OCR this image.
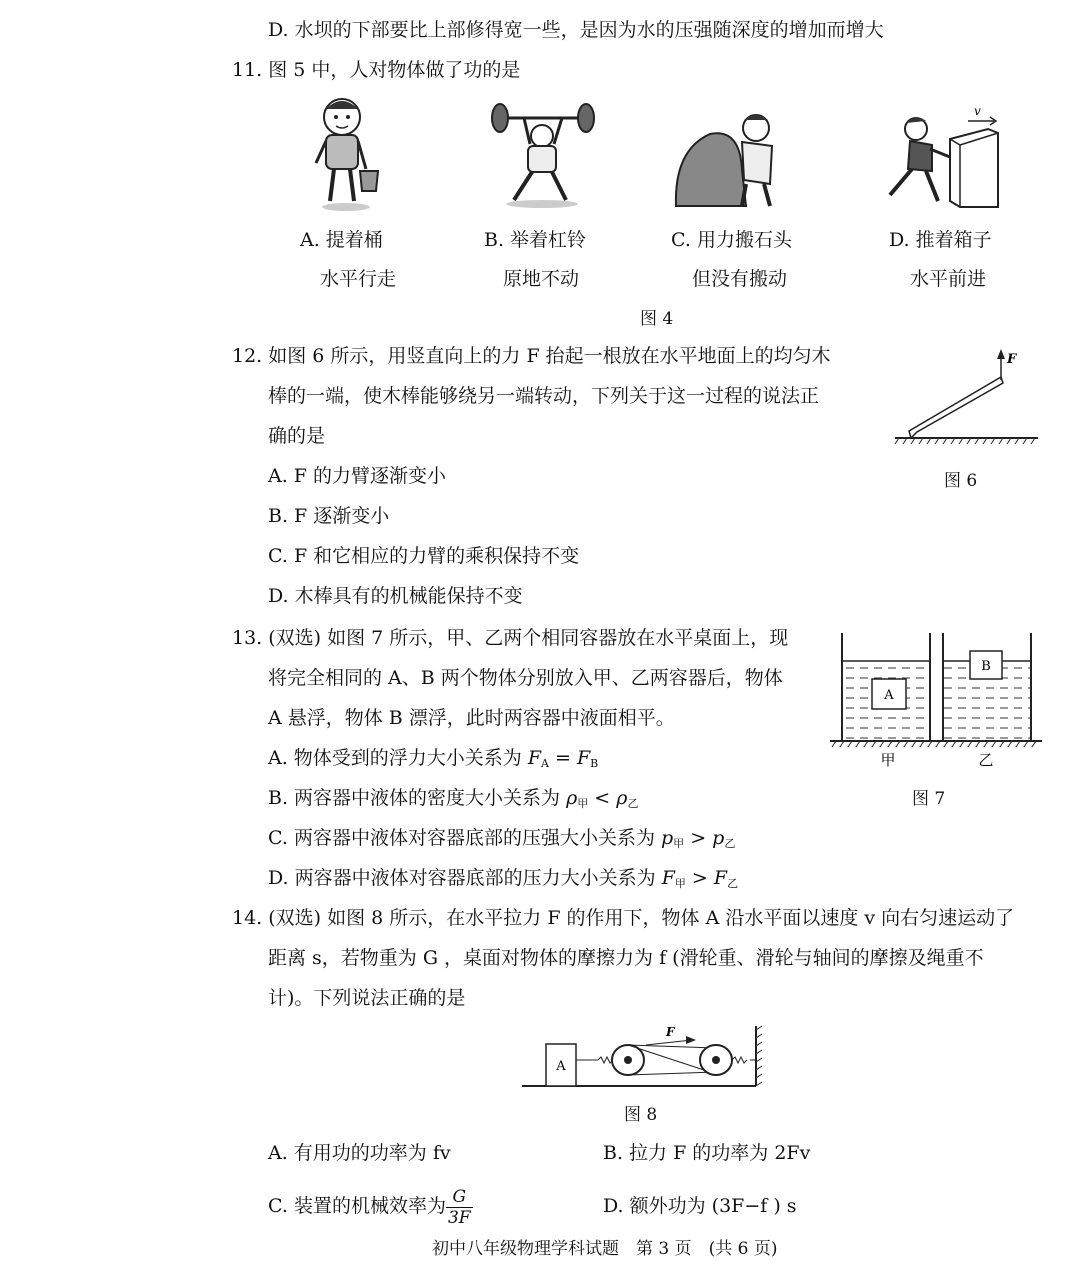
D. 水坝的下部要比上部修得宽一些，是因为水的压强随深度的增加而增大
11. 图 5 中，人对物体做了功的是
v
A. 提着桶
水平行走
B. 举着杠铃
原地不动
C. 用力搬石头
但没有搬动
D. 推着箱子
水平前进
图 4
12. 如图 6 所示，用竖直向上的力 F 抬起一根放在水平地面上的均匀木
棒的一端，使木棒能够绕另一端转动，下列关于这一过程的说法正
确的是
A. F 的力臂逐渐变小
B. F 逐渐变小
C. F 和它相应的力臂的乘积保持不变
D. 木棒具有的机械能保持不变
F
图 6
13. (双选) 如图 7 所示，甲、乙两个相同容器放在水平桌面上，现
将完全相同的 A、B 两个物体分别放入甲、乙两容器后，物体
A 悬浮，物体 B 漂浮，此时两容器中液面相平。
A. 物体受到的浮力大小关系为 $F_A = F_B$
B. 两容器中液体的密度大小关系为 $\rho_甲 < \rho_乙$
C. 两容器中液体对容器底部的压强大小关系为 $p_甲 > p_乙$
D. 两容器中液体对容器底部的压力大小关系为 $F_甲 > F_乙$
A
B
甲	乙
图 7
14. (双选) 如图 8 所示，在水平拉力 F 的作用下，物体 A 沿水平面以速度 v 向右匀速运动了
距离 s，若物重为 G ，桌面对物体的摩擦力为 f (滑轮重、滑轮与轴间的摩擦及绳重不
计)。下列说法正确的是
A
F
图 8
A. 有用功的功率为 fv	B. 拉力 F 的功率为 2Fv
C. 装置的机械效率为 $\frac{G}{3F}$	D. 额外功为 (3F−f ) s
初中八年级物理学科试题　第 3 页　(共 6 页)
